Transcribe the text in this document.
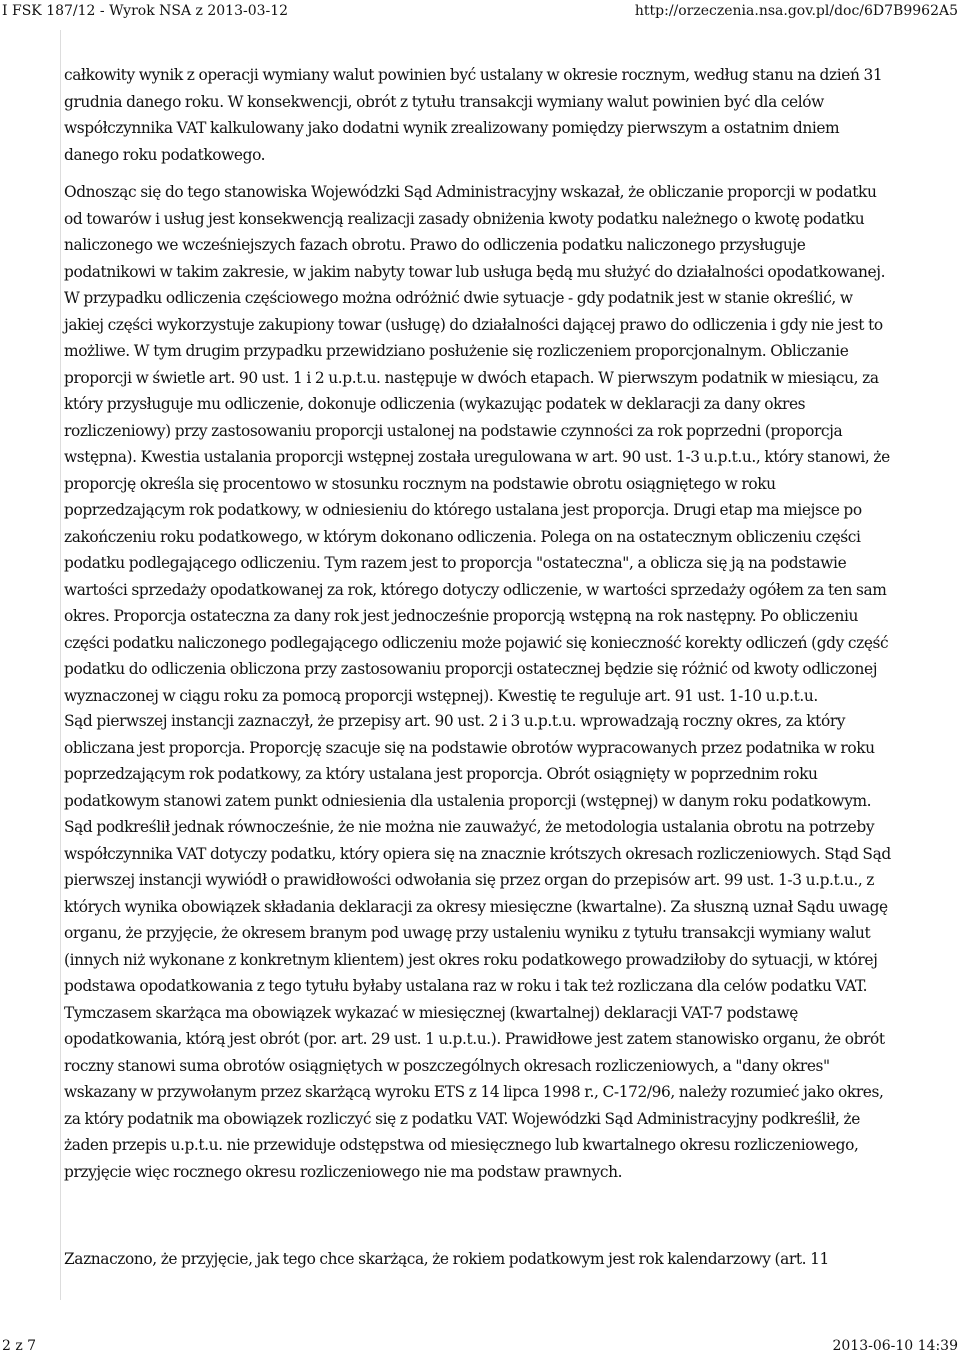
I FSK 187/12 - Wyrok NSA z 2013-03-12	http://orzeczenia.nsa.gov.pl/doc/6D7B9962A5

całkowity wynik z operacji wymiany walut powinien być ustalany w okresie rocznym, według stanu na dzień 31 grudnia danego roku. W konsekwencji, obrót z tytułu transakcji wymiany walut powinien być dla celów współczynnika VAT kalkulowany jako dodatni wynik zrealizowany pomiędzy pierwszym a ostatnim dniem danego roku podatkowego.

Odnosząc się do tego stanowiska Wojewódzki Sąd Administracyjny wskazał, że obliczanie proporcji w podatku od towarów i usług jest konsekwencją realizacji zasady obniżenia kwoty podatku należnego o kwotę podatku naliczonego we wcześniejszych fazach obrotu. Prawo do odliczenia podatku naliczonego przysługuje podatnikowi w takim zakresie, w jakim nabyty towar lub usługa będą mu służyć do działalności opodatkowanej. W przypadku odliczenia częściowego można odróżnić dwie sytuacje - gdy podatnik jest w stanie określić, w jakiej części wykorzystuje zakupiony towar (usługę) do działalności dającej prawo do odliczenia i gdy nie jest to możliwe. W tym drugim przypadku przewidziano posłużenie się rozliczeniem proporcjonalnym. Obliczanie proporcji w świetle art. 90 ust. 1 i 2 u.p.t.u. następuje w dwóch etapach. W pierwszym podatnik w miesiącu, za który przysługuje mu odliczenie, dokonuje odliczenia (wykazując podatek w deklaracji za dany okres rozliczeniowy) przy zastosowaniu proporcji ustalonej na podstawie czynności za rok poprzedni (proporcja wstępna). Kwestia ustalania proporcji wstępnej została uregulowana w art. 90 ust. 1-3 u.p.t.u., który stanowi, że proporcję określa się procentowo w stosunku rocznym na podstawie obrotu osiągniętego w roku poprzedzającym rok podatkowy, w odniesieniu do którego ustalana jest proporcja. Drugi etap ma miejsce po zakończeniu roku podatkowego, w którym dokonano odliczenia. Polega on na ostatecznym obliczeniu części podatku podlegającego odliczeniu. Tym razem jest to proporcja "ostateczna", a oblicza się ją na podstawie wartości sprzedaży opodatkowanej za rok, którego dotyczy odliczenie, w wartości sprzedaży ogółem za ten sam okres. Proporcja ostateczna za dany rok jest jednocześnie proporcją wstępną na rok następny. Po obliczeniu części podatku naliczonego podlegającego odliczeniu może pojawić się konieczność korekty odliczeń (gdy część podatku do odliczenia obliczona przy zastosowaniu proporcji ostatecznej będzie się różnić od kwoty odliczonej wyznaczonej w ciągu roku za pomocą proporcji wstępnej). Kwestię te reguluje art. 91 ust. 1-10 u.p.t.u.

Sąd pierwszej instancji zaznaczył, że przepisy art. 90 ust. 2 i 3 u.p.t.u. wprowadzają roczny okres, za który obliczana jest proporcja. Proporcję szacuje się na podstawie obrotów wypracowanych przez podatnika w roku poprzedzającym rok podatkowy, za który ustalana jest proporcja. Obrót osiągnięty w poprzednim roku podatkowym stanowi zatem punkt odniesienia dla ustalenia proporcji (wstępnej) w danym roku podatkowym. Sąd podkreślił jednak równocześnie, że nie można nie zauważyć, że metodologia ustalania obrotu na potrzeby współczynnika VAT dotyczy podatku, który opiera się na znacznie krótszych okresach rozliczeniowych. Stąd Sąd pierwszej instancji wywiódł o prawidłowości odwołania się przez organ do przepisów art. 99 ust. 1-3 u.p.t.u., z których wynika obowiązek składania deklaracji za okresy miesięczne (kwartalne). Za słuszną uznał Sądu uwagę organu, że przyjęcie, że okresem branym pod uwagę przy ustaleniu wyniku z tytułu transakcji wymiany walut (innych niż wykonane z konkretnym klientem) jest okres roku podatkowego prowadziłoby do sytuacji, w której podstawa opodatkowania z tego tytułu byłaby ustalana raz w roku i tak też rozliczana dla celów podatku VAT. Tymczasem skarżąca ma obowiązek wykazać w miesięcznej (kwartalnej) deklaracji VAT-7 podstawę opodatkowania, którą jest obrót (por. art. 29 ust. 1 u.p.t.u.). Prawidłowe jest zatem stanowisko organu, że obrót roczny stanowi suma obrotów osiągniętych w poszczególnych okresach rozliczeniowych, a "dany okres" wskazany w przywołanym przez skarżącą wyroku ETS z 14 lipca 1998 r., C-172/96, należy rozumieć jako okres, za który podatnik ma obowiązek rozliczyć się z podatku VAT. Wojewódzki Sąd Administracyjny podkreślił, że żaden przepis u.p.t.u. nie przewiduje odstępstwa od miesięcznego lub kwartalnego okresu rozliczeniowego, przyjęcie więc rocznego okresu rozliczeniowego nie ma podstaw prawnych.

Zaznaczono, że przyjęcie, jak tego chce skarżąca, że rokiem podatkowym jest rok kalendarzowy (art. 11

2 z 7	2013-06-10 14:39
